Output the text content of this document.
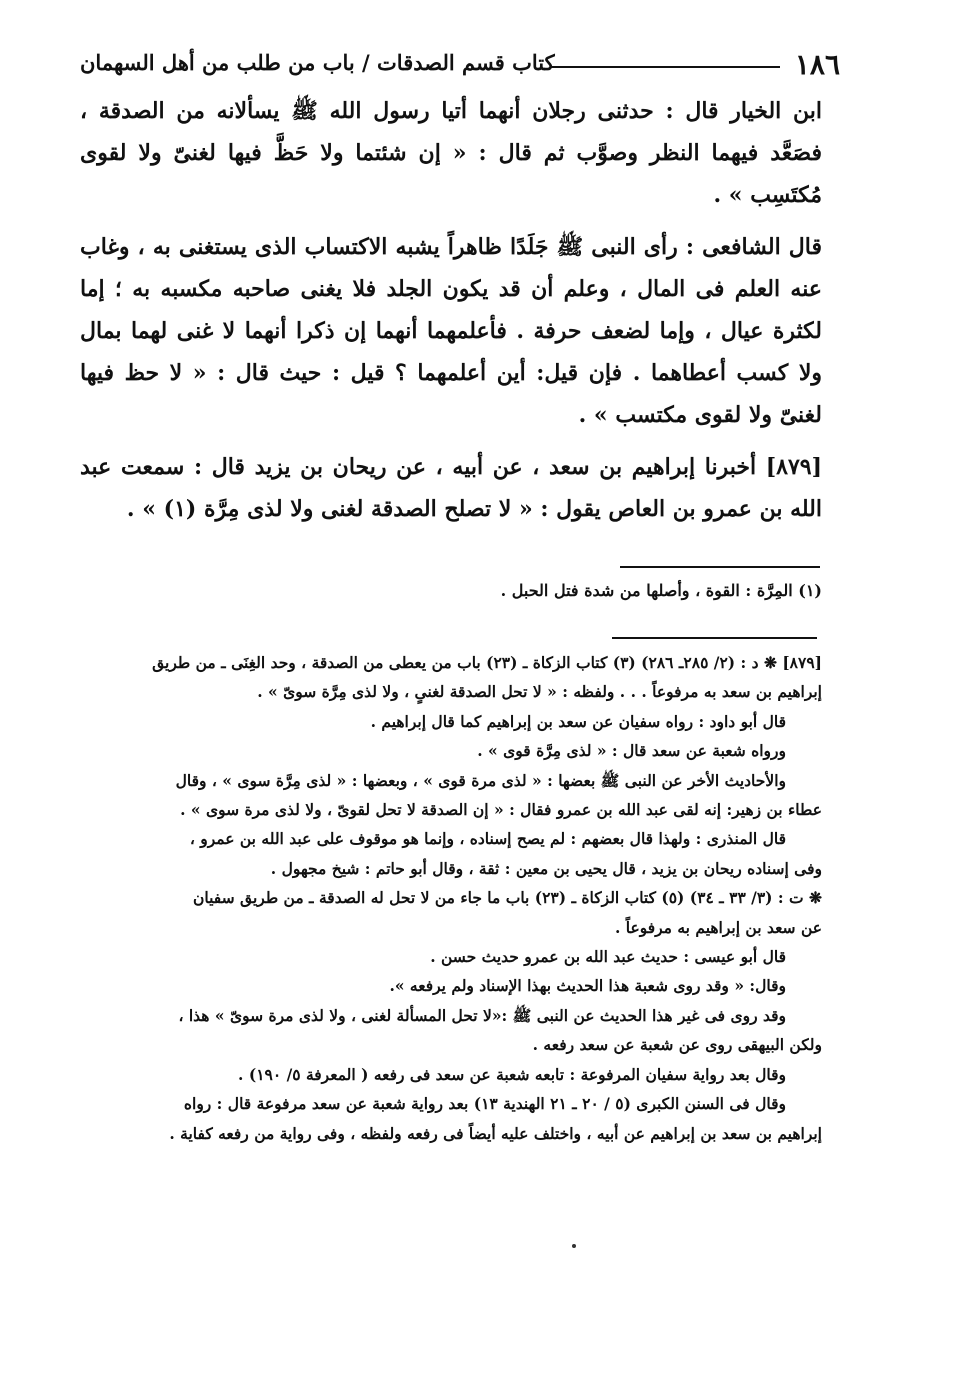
١٨٦
كتاب قسم الصدقات / باب من طلب من أهل السهمان

ابن الخيار قال : حدثنى رجلان أنهما أتيا رسول الله ﷺ يسألانه من الصدقة ، فصَعَّد فيهما النظر وصوَّب ثم قال : « إن شئتما ولا حَظَّ فيها لغنىّ ولا لقوى مُكتَسِب » .

قال الشافعى : رأى النبى ﷺ جَلَدًا ظاهراً يشبه الاكتساب الذى يستغنى به ، وغاب عنه العلم فى المال ، وعلم أن قد يكون الجلد فلا يغنى صاحبه مكسبه به ؛ إما لكثرة عيال ، وإما لضعف حرفة . فأعلمهما أنهما إن ذكرا أنهما لا غنى لهما بمال ولا كسب أعطاهما . فإن قيل: أين أعلمهما ؟ قيل : حيث قال : « لا حظ فيها لغنىّ ولا لقوى مكتسب » .

[٨٧٩] أخبرنا إبراهيم بن سعد ، عن أبيه ، عن ريحان بن يزيد قال : سمعت عبد الله بن عمرو بن العاص يقول : « لا تصلح الصدقة لغنى ولا لذى مِرَّة (١) » .

(١) المِرَّة : القوة ، وأصلها من شدة فتل الحبل .

[٨٧٩] ❋ د : (٢/ ٢٨٥ـ ٢٨٦) (٣) كتاب الزكاة ـ (٢٣) باب من يعطى من الصدقة ، وحد الغِنَى ـ من طريق

إبراهيم بن سعد به مرفوعاً . . . ولفظه : « لا تحل الصدقة لغنىٍ ، ولا لذى مِرَّة سوىّ » .

قال أبو داود : رواه سفيان عن سعد بن إبراهيم كما قال إبراهيم .

ورواه شعبة عن سعد قال : « لذى مِرَّة قوى » .

والأحاديث الأخر عن النبى ﷺ بعضها : « لذى مرة قوى » ، وبعضها : « لذى مِرَّة سوى » ، وقال

عطاء بن زهير: إنه لقى عبد الله بن عمرو فقال : « إن الصدقة لا تحل لقوىّ ، ولا لذى مرة سوى » .

قال المنذرى : ولهذا قال بعضهم : لم يصح إسناده ، وإنما هو موقوف على عبد الله بن عمرو ،

وفى إسناده ريحان بن يزيد ، قال يحيى بن معين : ثقة ، وقال أبو حاتم : شيخ مجهول .

❋ ت : (٣/ ٣٣ ـ ٣٤) (٥) كتاب الزكاة ـ (٢٣) باب ما جاء من لا تحل له الصدقة ـ من طريق سفيان

عن سعد بن إبراهيم به مرفوعاً .

قال أبو عيسى : حديث عبد الله بن عمرو حديث حسن .

وقال: « وقد روى شعبة هذا الحديث بهذا الإسناد ولم يرفعه ».

وقد روى فى غير هذا الحديث عن النبى ﷺ :«لا تحل المسألة لغنى ، ولا لذى مرة سوىّ » هذا ،

ولكن البيهقى روى عن شعبة عن سعد رفعه .

وقال بعد رواية سفيان المرفوعة : تابعه شعبة عن سعد فى رفعه ( المعرفة ٥/ ١٩٠) .

وقال فى السنن الكبرى (٥ / ٢٠ ـ ٢١ الهندية ١٣) بعد رواية شعبة عن سعد مرفوعة قال : رواه

إبراهيم بن سعد بن إبراهيم عن أبيه ، واختلف عليه أيضاً فى رفعه ولفظه ، وفى رواية من رفعه كفاية .
